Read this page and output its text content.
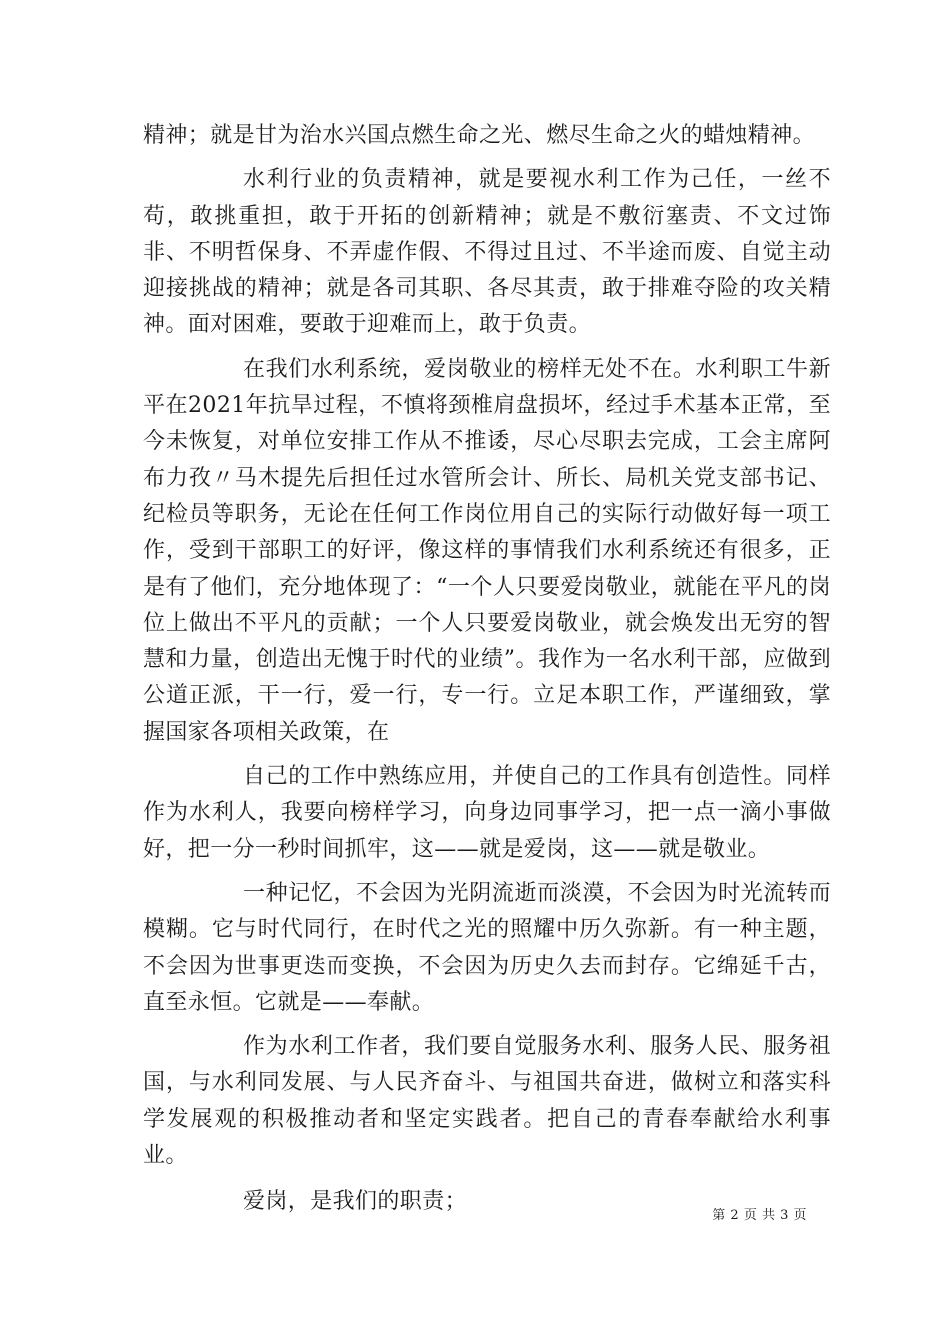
精神；就是甘为治水兴国点燃生命之光、燃尽生命之火的蜡烛精神。

水利行业的负责精神，就是要视水利工作为己任，一丝不苟，敢挑重担，敢于开拓的创新精神；就是不敷衍塞责、不文过饰非、不明哲保身、不弄虚作假、不得过且过、不半途而废、自觉主动迎接挑战的精神；就是各司其职、各尽其责，敢于排难夺险的攻关精神。面对困难，要敢于迎难而上，敢于负责。

在我们水利系统，爱岗敬业的榜样无处不在。水利职工牛新平在2021年抗旱过程，不慎将颈椎肩盘损坏，经过手术基本正常，至今未恢复，对单位安排工作从不推诿，尽心尽职去完成，工会主席阿布力孜〃马木提先后担任过水管所会计、所长、局机关党支部书记、纪检员等职务，无论在任何工作岗位用自己的实际行动做好每一项工作，受到干部职工的好评，像这样的事情我们水利系统还有很多，正是有了他们，充分地体现了：“一个人只要爱岗敬业，就能在平凡的岗位上做出不平凡的贡献；一个人只要爱岗敬业，就会焕发出无穷的智慧和力量，创造出无愧于时代的业绩”。我作为一名水利干部，应做到公道正派，干一行，爱一行，专一行。立足本职工作，严谨细致，掌握国家各项相关政策，在

自己的工作中熟练应用，并使自己的工作具有创造性。同样作为水利人，我要向榜样学习，向身边同事学习，把一点一滴小事做好，把一分一秒时间抓牢，这——就是爱岗，这——就是敬业。

一种记忆，不会因为光阴流逝而淡漠，不会因为时光流转而模糊。它与时代同行，在时代之光的照耀中历久弥新。有一种主题，不会因为世事更迭而变换，不会因为历史久去而封存。它绵延千古，直至永恒。它就是——奉献。

作为水利工作者，我们要自觉服务水利、服务人民、服务祖国，与水利同发展、与人民齐奋斗、与祖国共奋进，做树立和落实科学发展观的积极推动者和坚定实践者。把自己的青春奉献给水利事业。

爱岗，是我们的职责；

第 2 页 共 3 页
